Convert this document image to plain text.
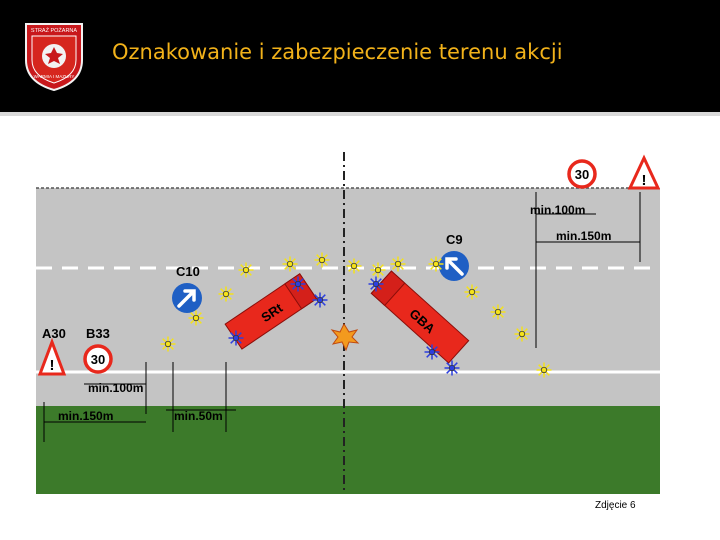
STRAŻ POŻARNA
WARMIA I MAZURY
Oznakowanie i zabezpieczenie terenu akcji
min.100m
min.150m	min.50m
min.100m
min.150m
A30 B33
C10
C9
!
!
30
30
SRt	GBA
Zdjęcie 6
